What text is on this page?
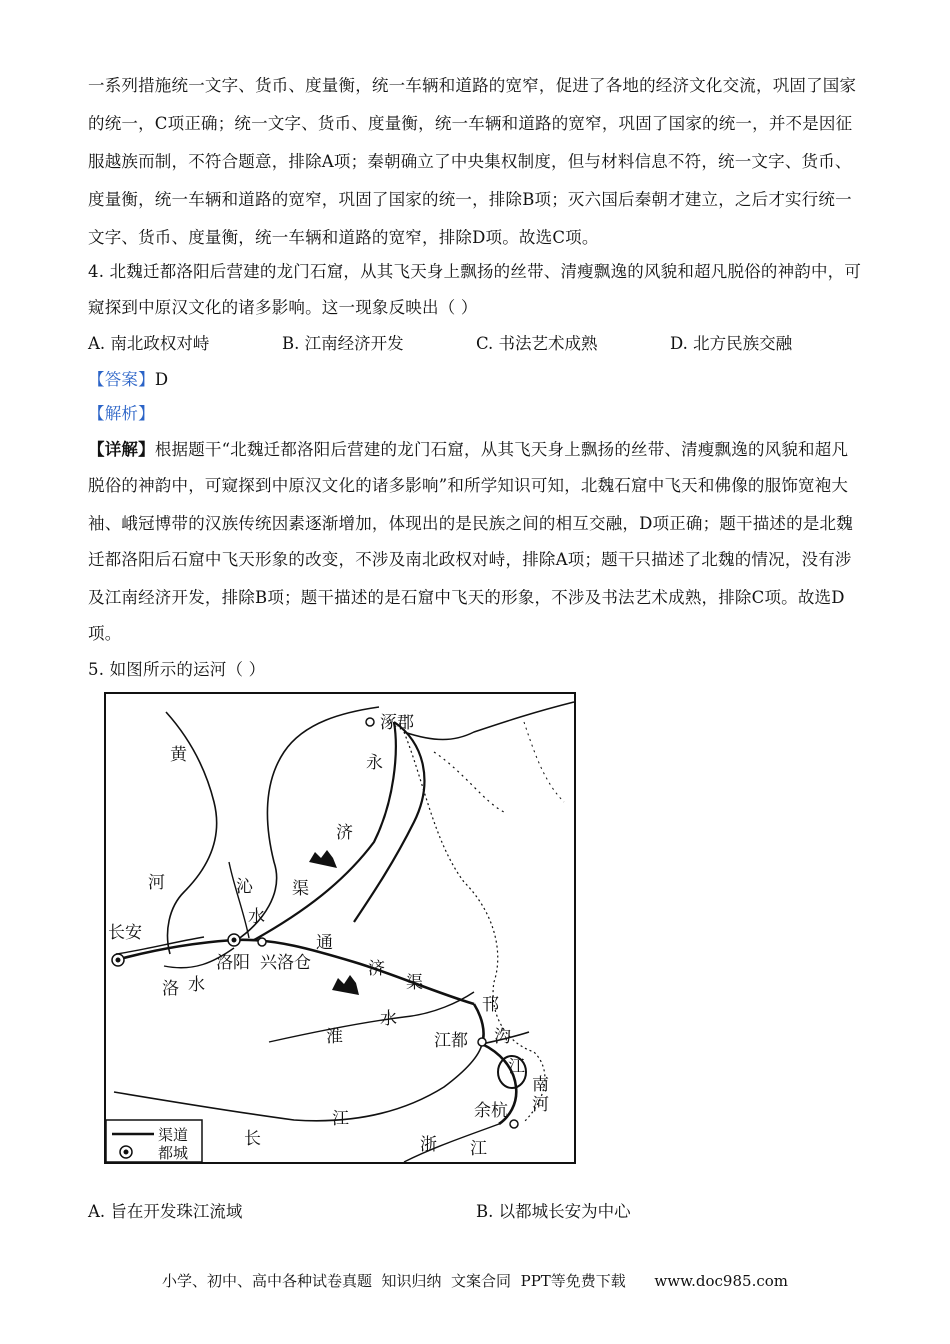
一系列措施统一文字、货币、度量衡，统一车辆和道路的宽窄，促进了各地的经济文化交流，巩固了国家
的统一，C项正确；统一文字、货币、度量衡，统一车辆和道路的宽窄，巩固了国家的统一，并不是因征
服越族而制，不符合题意，排除A项；秦朝确立了中央集权制度，但与材料信息不符，统一文字、货币、
度量衡，统一车辆和道路的宽窄，巩固了国家的统一，排除B项；灭六国后秦朝才建立，之后才实行统一
文字、货币、度量衡，统一车辆和道路的宽窄，排除D项。故选C项。
4. 北魏迁都洛阳后营建的龙门石窟，从其飞天身上飘扬的丝带、清瘦飘逸的风貌和超凡脱俗的神韵中，可
窥探到中原汉文化的诸多影响。这一现象反映出（ ）
A. 南北政权对峙	B. 江南经济开发	C. 书法艺术成熟	D. 北方民族交融
【答案】D
【解析】
【详解】根据题干“北魏迁都洛阳后营建的龙门石窟，从其飞天身上飘扬的丝带、清瘦飘逸的风貌和超凡
脱俗的神韵中，可窥探到中原汉文化的诸多影响”和所学知识可知，北魏石窟中飞天和佛像的服饰宽袍大
袖、峨冠博带的汉族传统因素逐渐增加，体现出的是民族之间的相互交融，D项正确；题干描述的是北魏
迁都洛阳后石窟中飞天形象的改变，不涉及南北政权对峙，排除A项；题干只描述了北魏的情况，没有涉
及江南经济开发，排除B项；题干描述的是石窟中飞天的形象，不涉及书法艺术成熟，排除C项。故选D
项。
5. 如图所示的运河（ ）
涿郡
永
黄
河
济
沁 渠
水
长安	通
洛阳 兴洛仓	济
渠
洛 水
邗
淮
水
沟
江都
江
南
余杭 河
江
长	浙 江
渠道
都城
A. 旨在开发珠江流域	B. 以都城长安为中心
小学、初中、高中各种试卷真题  知识归纳  文案合同  PPT等免费下载      www.doc985.com
